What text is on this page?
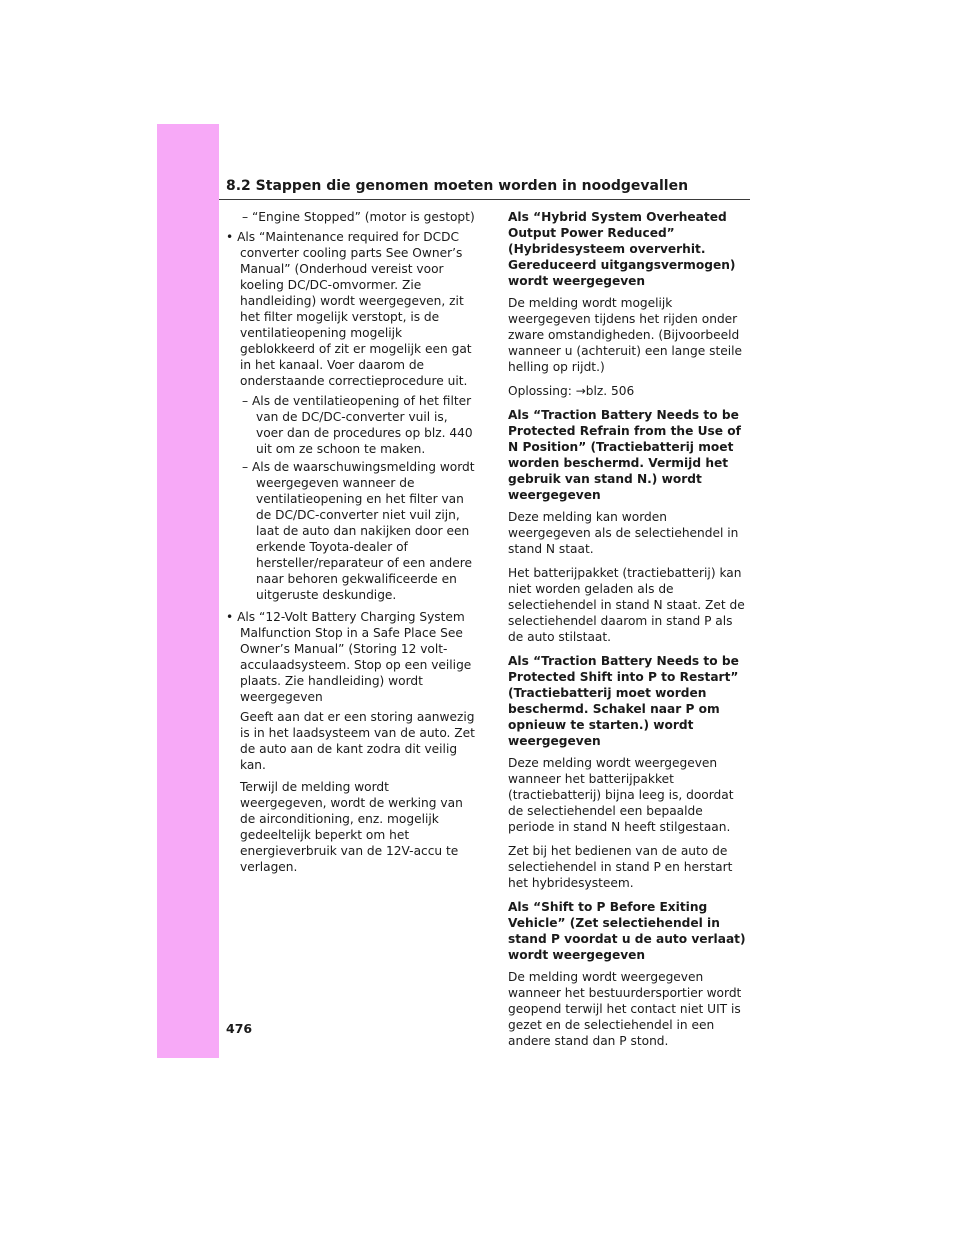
8.2 Stappen die genomen moeten worden in noodgevallen

– “Engine Stopped” (motor is gestopt)

• Als “Maintenance required for DCDC converter cooling parts See Owner’s Manual” (Onderhoud vereist voor koeling DC/DC-omvormer. Zie handleiding) wordt weergegeven, zit het filter mogelijk verstopt, is de ventilatieopening mogelijk geblokkeerd of zit er mogelijk een gat in het kanaal. Voer daarom de onderstaande correctieprocedure uit.

– Als de ventilatieopening of het filter van de DC/DC-converter vuil is, voer dan de procedures op blz. 440 uit om ze schoon te maken.

– Als de waarschuwingsmelding wordt weergegeven wanneer de ventilatieopening en het filter van de DC/DC-converter niet vuil zijn, laat de auto dan nakijken door een erkende Toyota-dealer of hersteller/reparateur of een andere naar behoren gekwalificeerde en uitgeruste deskundige.

• Als “12-Volt Battery Charging System Malfunction Stop in a Safe Place See Owner’s Manual” (Storing 12 volt-acculaadsysteem. Stop op een veilige plaats. Zie handleiding) wordt weergegeven

Geeft aan dat er een storing aanwezig is in het laadsysteem van de auto. Zet de auto aan de kant zodra dit veilig kan.

Terwijl de melding wordt weergegeven, wordt de werking van de airconditioning, enz. mogelijk gedeeltelijk beperkt om het energieverbruik van de 12V-accu te verlagen.

Als “Hybrid System Overheated Output Power Reduced” (Hybridesysteem oververhit. Gereduceerd uitgangsvermogen) wordt weergegeven

De melding wordt mogelijk weergegeven tijdens het rijden onder zware omstandigheden. (Bijvoorbeeld wanneer u (achteruit) een lange steile helling op rijdt.)

Oplossing: →blz. 506

Als “Traction Battery Needs to be Protected Refrain from the Use of N Position” (Tractiebatterij moet worden beschermd. Vermijd het gebruik van stand N.) wordt weergegeven

Deze melding kan worden weergegeven als de selectiehendel in stand N staat.

Het batterijpakket (tractiebatterij) kan niet worden geladen als de selectiehendel in stand N staat. Zet de selectiehendel daarom in stand P als de auto stilstaat.

Als “Traction Battery Needs to be Protected Shift into P to Restart” (Tractiebatterij moet worden beschermd. Schakel naar P om opnieuw te starten.) wordt weergegeven

Deze melding wordt weergegeven wanneer het batterijpakket (tractiebatterij) bijna leeg is, doordat de selectiehendel een bepaalde periode in stand N heeft stilgestaan.

Zet bij het bedienen van de auto de selectiehendel in stand P en herstart het hybridesysteem.

Als “Shift to P Before Exiting Vehicle” (Zet selectiehendel in stand P voordat u de auto verlaat) wordt weergegeven

De melding wordt weergegeven wanneer het bestuurdersportier wordt geopend terwijl het contact niet UIT is gezet en de selectiehendel in een andere stand dan P stond.

476
